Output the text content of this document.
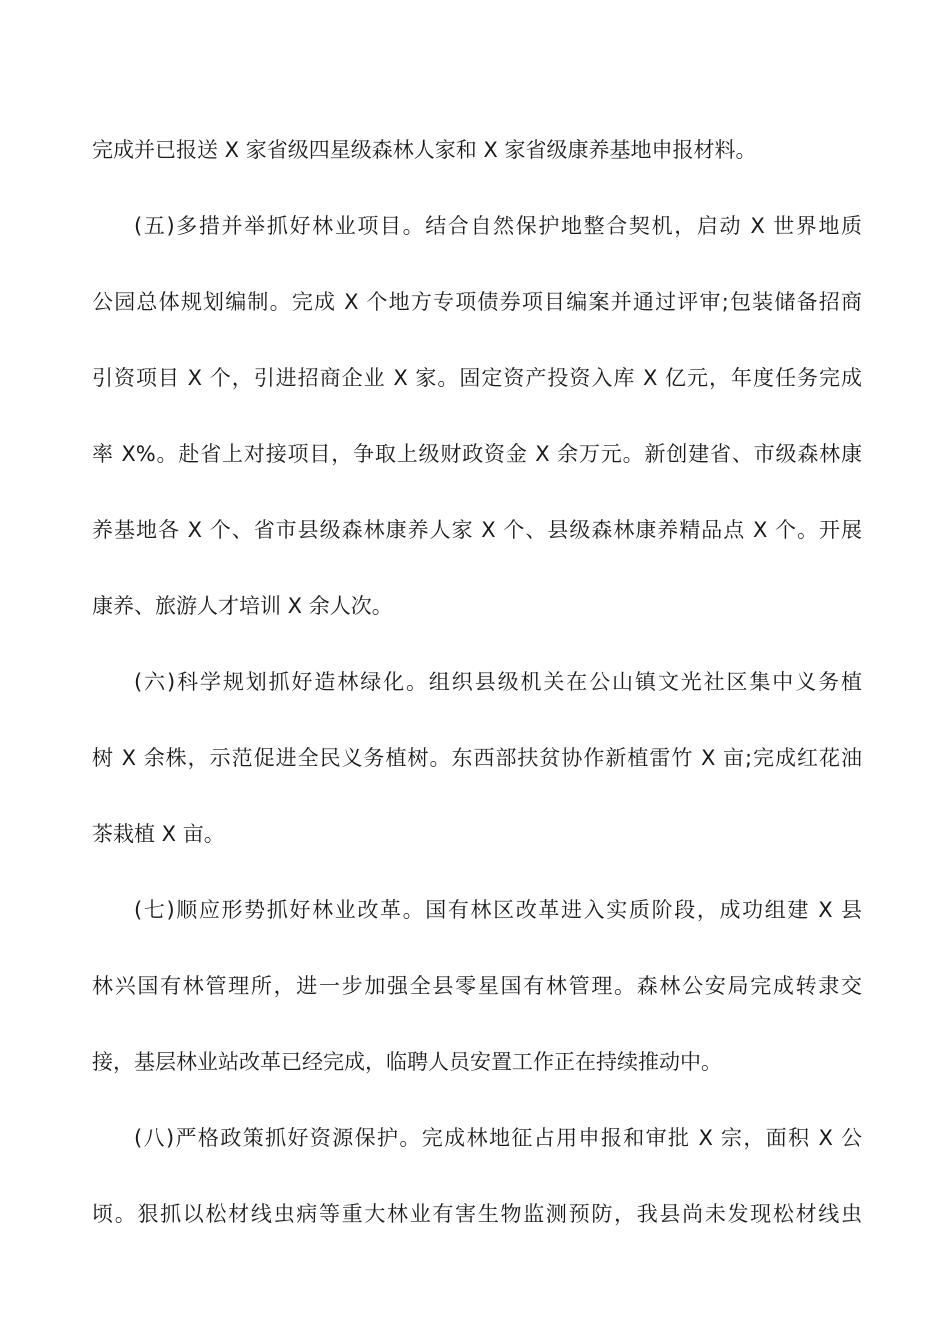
完成并已报送 X 家省级四星级森林人家和 X 家省级康养基地申报材料。
(五)多措并举抓好林业项目。结合自然保护地整合契机，启动 X 世界地质
公园总体规划编制。完成 X 个地方专项债券项目编案并通过评审;包装储备招商
引资项目 X 个，引进招商企业 X 家。固定资产投资入库 X 亿元，年度任务完成
率 X%。赴省上对接项目，争取上级财政资金 X 余万元。新创建省、市级森林康
养基地各 X 个、省市县级森林康养人家 X 个、县级森林康养精品点 X 个。开展
康养、旅游人才培训 X 余人次。
(六)科学规划抓好造林绿化。组织县级机关在公山镇文光社区集中义务植
树 X 余株，示范促进全民义务植树。东西部扶贫协作新植雷竹 X 亩;完成红花油
茶栽植 X 亩。
(七)顺应形势抓好林业改革。国有林区改革进入实质阶段，成功组建 X 县
林兴国有林管理所，进一步加强全县零星国有林管理。森林公安局完成转隶交
接，基层林业站改革已经完成，临聘人员安置工作正在持续推动中。
(八)严格政策抓好资源保护。完成林地征占用申报和审批 X 宗，面积 X 公
顷。狠抓以松材线虫病等重大林业有害生物监测预防，我县尚未发现松材线虫
